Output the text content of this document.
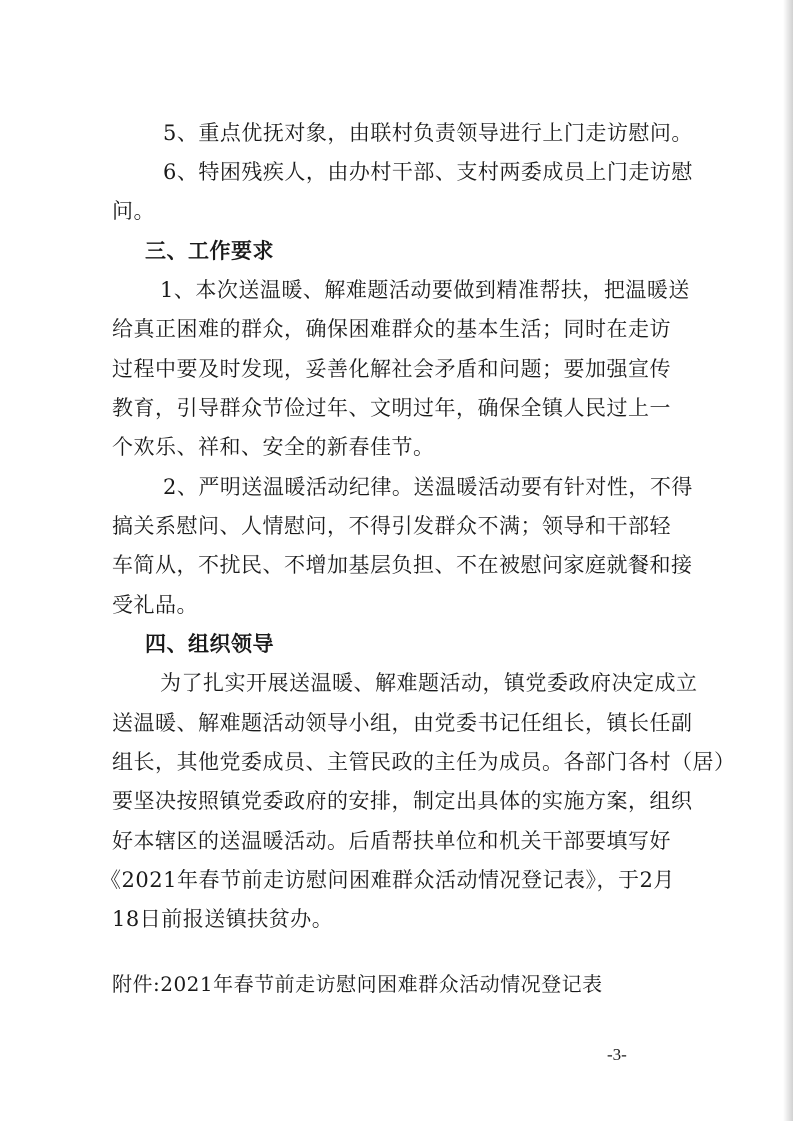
5、重点优抚对象，由联村负责领导进行上门走访慰问。
6、特困残疾人，由办村干部、支村两委成员上门走访慰
问。
三、工作要求
1、本次送温暖、解难题活动要做到精准帮扶，把温暖送
给真正困难的群众，确保困难群众的基本生活；同时在走访
过程中要及时发现，妥善化解社会矛盾和问题；要加强宣传
教育，引导群众节俭过年、文明过年，确保全镇人民过上一
个欢乐、祥和、安全的新春佳节。
2、严明送温暖活动纪律。送温暖活动要有针对性，不得
搞关系慰问、人情慰问，不得引发群众不满；领导和干部轻
车简从，不扰民、不增加基层负担、不在被慰问家庭就餐和接
受礼品。
四、组织领导
为了扎实开展送温暖、解难题活动，镇党委政府决定成立
送温暖、解难题活动领导小组，由党委书记任组长，镇长任副
组长，其他党委成员、主管民政的主任为成员。各部门各村（居）
要坚决按照镇党委政府的安排，制定出具体的实施方案，组织
好本辖区的送温暖活动。后盾帮扶单位和机关干部要填写好
《2021年春节前走访慰问困难群众活动情况登记表》，于2月
18日前报送镇扶贫办。
附件:2021年春节前走访慰问困难群众活动情况登记表
-3-
